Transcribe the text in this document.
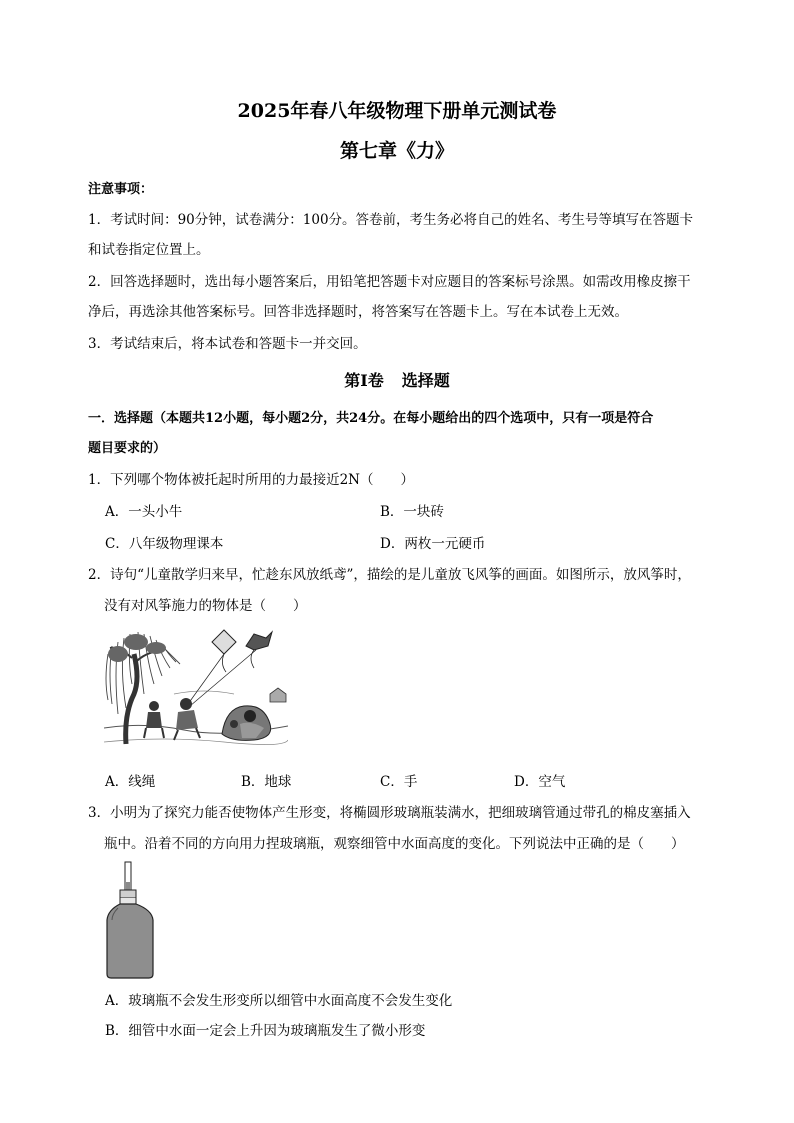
2025年春八年级物理下册单元测试卷
第七章《力》
注意事项：
1．考试时间：90分钟，试卷满分：100分。答卷前，考生务必将自己的姓名、考生号等填写在答题卡
和试卷指定位置上。
2．回答选择题时，选出每小题答案后，用铅笔把答题卡对应题目的答案标号涂黑。如需改用橡皮擦干
净后，再选涂其他答案标号。回答非选择题时，将答案写在答题卡上。写在本试卷上无效。
3．考试结束后，将本试卷和答题卡一并交回。
第Ⅰ卷 选择题
一．选择题（本题共12小题，每小题2分，共24分。在每小题给出的四个选项中，只有一项是符合
题目要求的）
1．下列哪个物体被托起时所用的力最接近2N（　　）
A．一头小牛	B．一块砖
C．八年级物理课本	D．两枚一元硬币
2．诗句“儿童散学归来早，忙趁东风放纸鸢”，描绘的是儿童放飞风筝的画面。如图所示，放风筝时，
没有对风筝施力的物体是（　　）
A．线绳	B．地球	C．手	D．空气
3．小明为了探究力能否使物体产生形变，将椭圆形玻璃瓶装满水，把细玻璃管通过带孔的棉皮塞插入
瓶中。沿着不同的方向用力捏玻璃瓶，观察细管中水面高度的变化。下列说法中正确的是（　　）
A．玻璃瓶不会发生形变所以细管中水面高度不会发生变化
B．细管中水面一定会上升因为玻璃瓶发生了微小形变
